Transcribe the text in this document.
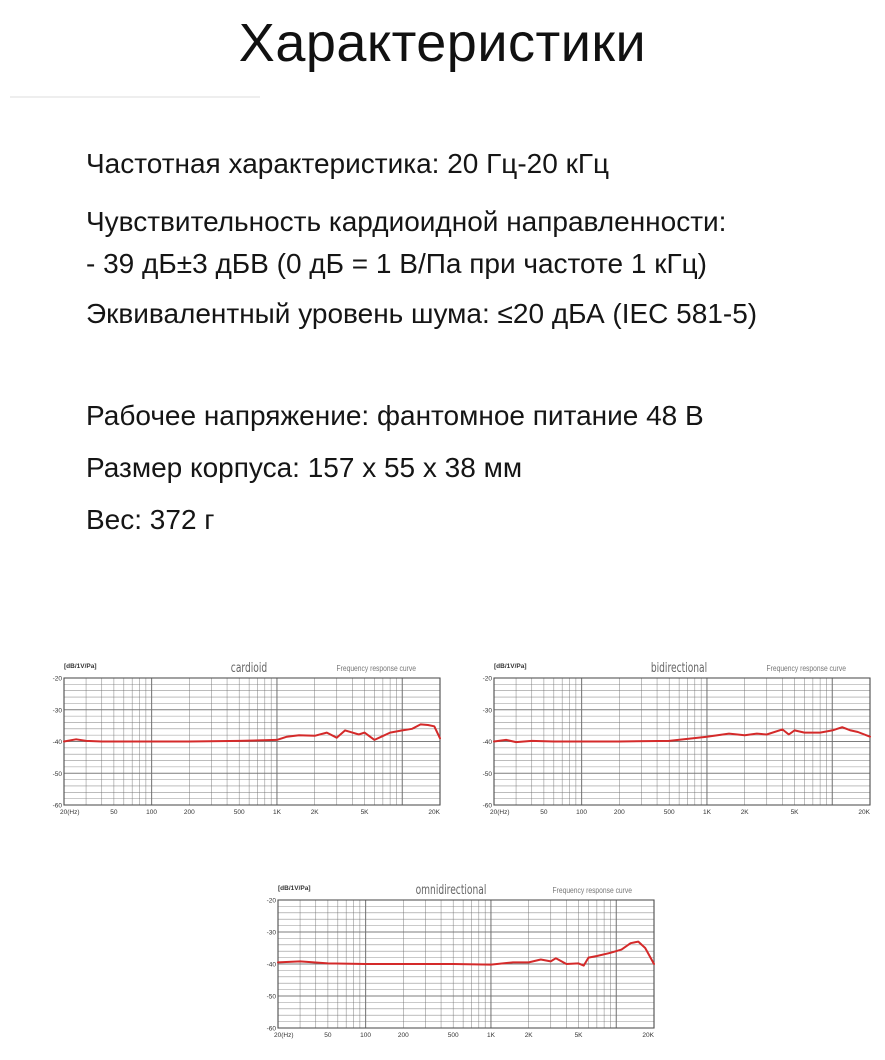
Характеристики
Частотная характеристика: 20 Гц-20 кГц
Чувствительность кардиоидной направленности:
- 39 дБ±3 дБВ (0 дБ = 1 В/Па при частоте 1 кГц)
Эквивалентный уровень шума: ≤20 дБА (IEC 581-5)
Рабочее напряжение: фантомное питание 48 В
Размер корпуса: 157 х 55 х 38 мм
Вес: 372 г
[dB/1V/Pa]	cardioid	Frequency response curve
-20
-30
-40
-50
-60
20(Hz)	50	100	200	500	1K	2K	5K	20K
[dB/1V/Pa]	bidirectional	Frequency response curve
-20
-30
-40
-50
-60
20(Hz)	50	100	200	500	1K	2K	5K	20K
[dB/1V/Pa]	omnidirectional	Frequency response curve
-20
-30
-40
-50
-60
20(Hz)	50	100	200	500	1K	2K	5K	20K
